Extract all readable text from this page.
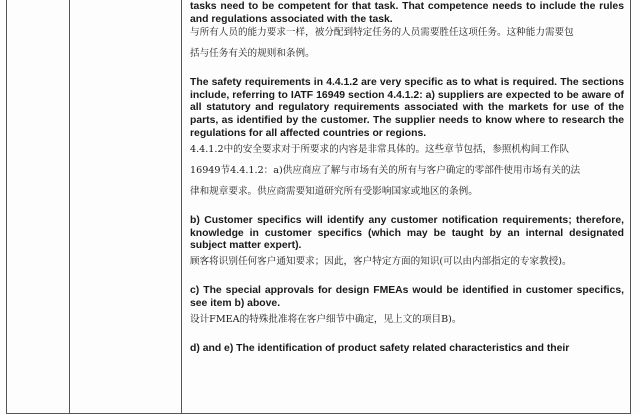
tasks need to be competent for that task. That competence needs to include the rules and regulations associated with the task.

与所有人员的能力要求一样，被分配到特定任务的人员需要胜任这项任务。这种能力需要包

括与任务有关的规则和条例。

The safety requirements in 4.4.1.2 are very specific as to what is required. The sections include, referring to IATF 16949 section 4.4.1.2: a) suppliers are expected to be aware of all statutory and regulatory requirements associated with the markets for use of the parts, as identified by the customer. The supplier needs to know where to research the regulations for all affected countries or regions.

4.4.1.2中的安全要求对于所要求的内容是非常具体的。这些章节包括，参照机构间工作队

16949节4.4.1.2：a)供应商应了解与市场有关的所有与客户确定的零部件使用市场有关的法

律和规章要求。供应商需要知道研究所有受影响国家或地区的条例。

b) Customer specifics will identify any customer notification requirements; therefore, knowledge in customer specifics (which may be taught by an internal designated subject matter expert).

顾客将识别任何客户通知要求；因此，客户特定方面的知识(可以由内部指定的专家教授)。

c) The special approvals for design FMEAs would be identified in customer specifics, see item b) above.

设计FMEA的特殊批准将在客户细节中确定，见上文的项目B)。

d) and e) The identification of product safety related characteristics and their
